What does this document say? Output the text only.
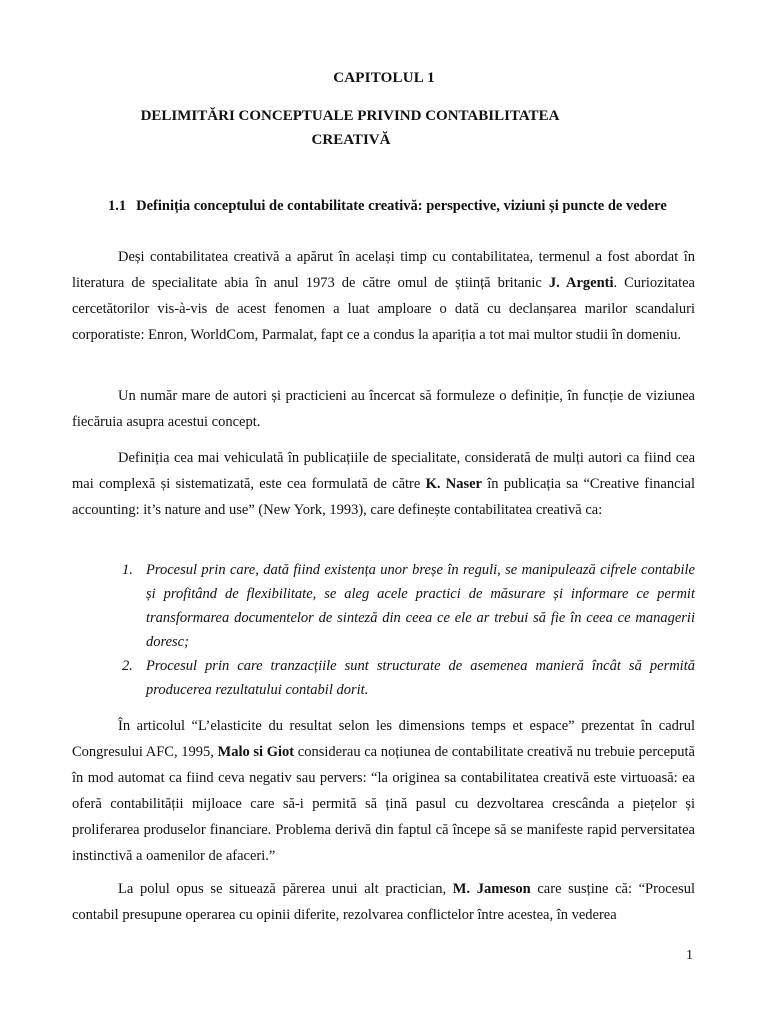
CAPITOLUL 1
DELIMITĂRI CONCEPTUALE PRIVIND CONTABILITATEA
CREATIVĂ
1.1 Definiția conceptului de contabilitate creativă: perspective, viziuni și puncte de vedere

Deși contabilitatea creativă a apărut în același timp cu contabilitatea, termenul a fost abordat în literatura de specialitate abia în anul 1973 de către omul de știință britanic J. Argenti. Curiozitatea cercetătorilor vis-à-vis de acest fenomen a luat amploare o dată cu declanșarea marilor scandaluri corporatiste: Enron, WorldCom, Parmalat, fapt ce a condus la apariția a tot mai multor studii în domeniu.

Un număr mare de autori și practicieni au încercat să formuleze o definiție, în funcție de viziunea fiecăruia asupra acestui concept.

Definiția cea mai vehiculată în publicațiile de specialitate, considerată de mulți autori ca fiind cea mai complexă și sistematizată, este cea formulată de către K. Naser în publicația sa “Creative financial accounting: it’s nature and use” (New York, 1993), care definește contabilitatea creativă ca:

1. Procesul prin care, dată fiind existența unor breșe în reguli, se manipulează cifrele contabile și profitând de flexibilitate, se aleg acele practici de măsurare și informare ce permit transformarea documentelor de sinteză din ceea ce ele ar trebui să fie în ceea ce managerii doresc;
2. Procesul prin care tranzacțiile sunt structurate de asemenea manieră încât să permită producerea rezultatului contabil dorit.

În articolul “L’elasticite du resultat selon les dimensions temps et espace” prezentat în cadrul Congresului AFC, 1995, Malo si Giot considerau ca noțiunea de contabilitate creativă nu trebuie percepută în mod automat ca fiind ceva negativ sau pervers: “la originea sa contabilitatea creativă este virtuoasă: ea oferă contabilității mijloace care să-i permită să țină pasul cu dezvoltarea crescânda a piețelor și proliferarea produselor financiare. Problema derivă din faptul că începe să se manifeste rapid perversitatea instinctivă a oamenilor de afaceri.”

La polul opus se situează părerea unui alt practician, M. Jameson care susține că: “Procesul contabil presupune operarea cu opinii diferite, rezolvarea conflictelor între acestea, în vederea

1
